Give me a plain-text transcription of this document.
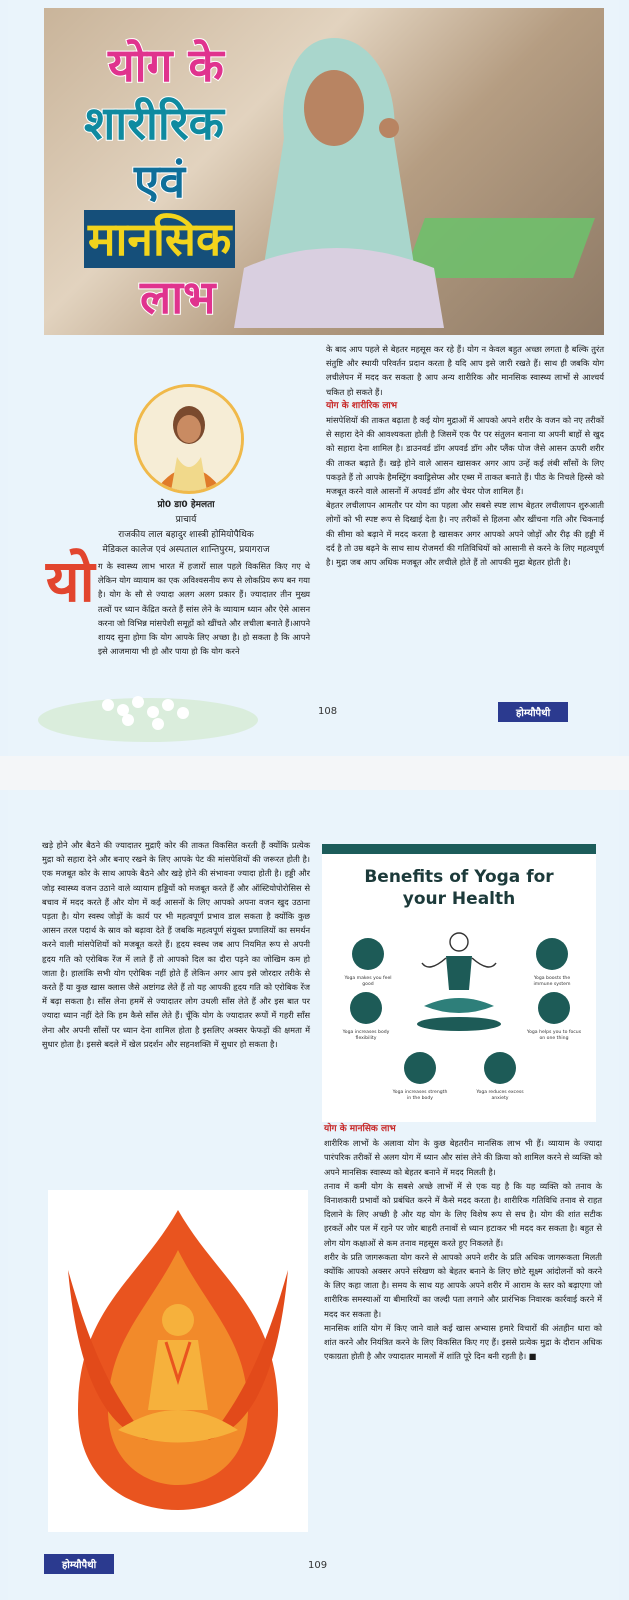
योग के
शारीरिक
एवं
मानसिक
लाभ
प्रो0 डा0 हेमलता
प्राचार्य
राजकीय लाल बहादुर शास्त्री होमियोपैथिक
मेडिकल कालेज एवं अस्पताल शान्तिपुरम, प्रयागराज
यो ग के स्वास्थ्य लाभ भारत में हजारों साल पहले विकसित किए गए थे लेकिन योग व्यायाम का एक अविश्वसनीय रूप से लोकप्रिय रूप बन गया है। योग के सौ से ज्यादा अलग अलग प्रकार हैं। ज्यादातर तीन मुख्य तत्वों पर ध्यान केंद्रित करते हैं सांस लेने के व्यायाम ध्यान और ऐसे आसन करना जो विभिन्न मांसपेशी समूहों को खींचते और लचीला बनाते हैं।आपने शायद सुना होगा कि योग आपके लिए अच्छा है। हो सकता है कि आपने इसे आजमाया भी हो और पाया हो कि योग करने

के बाद आप पहले से बेहतर महसूस कर रहे हैं। योग न केवल बहुत अच्छा लगता है बल्कि तुरंत संतुष्टि और स्थायी परिवर्तन प्रदान करता है यदि आप इसे जारी रखते हैं। साथ ही जबकि योग लचीलेपन में मदद कर सकता है आप अन्य शारीरिक और मानसिक स्वास्थ्य लाभों से आश्चर्य चकित हो सकते हैं।

योग के शारीरिक लाभ

मांसपेशियों की ताकत बढ़ाता है कई योग मुद्राओं में आपको अपने शरीर के वजन को नए तरीकों से सहारा देने की आवश्यकता होती है जिसमें एक पैर पर संतुलन बनाना या अपनी बाहों से खुद को सहारा देना शामिल है। डाउनवर्ड डॉग अपवर्ड डॉग और प्लैंक पोज जैसे आसन ऊपरी शरीर की ताकत बढ़ाते हैं। खड़े होने वाले आसन खासकर अगर आप उन्हें कई लंबी साँसों के लिए पकड़ते हैं तो आपके हैमस्ट्रिंग क्वाड्रिसेप्स और एब्स में ताकत बनाते हैं। पीठ के निचले हिस्से को मजबूत करने वाले आसनों में अपवर्ड डॉग और चेयर पोज शामिल हैं।

बेहतर लचीलापन आमतौर पर योग का पहला और सबसे स्पष्ट लाभ बेहतर लचीलापन शुरुआती लोगों को भी स्पष्ट रूप से दिखाई देता है। नए तरीकों से हिलना और खींचना गति और चिकनाई की सीमा को बढ़ाने में मदद करता है खासकर अगर आपको अपने जोड़ों और रीढ़ की हड्डी में दर्द है तो उम्र बढ़ने के साथ साथ रोजमर्रा की गतिविधियों को आसानी से करने के लिए महत्वपूर्ण है। मुद्रा जब आप अधिक मजबूत और लचीले होते हैं तो आपकी मुद्रा बेहतर होती है।

108	होम्यौपैथी

खड़े होने और बैठने की ज्यादातर मुद्राएँ कोर की ताकत विकसित करती हैं क्योंकि प्रत्येक मुद्रा को सहारा देने और बनाए रखने के लिए आपके पेट की मांसपेशियों की जरूरत होती है। एक मजबूत कोर के साथ आपके बैठने और खड़े होने की संभावना ज्यादा होती है। हड्डी और जोड़ स्वास्थ्य वजन उठाने वाले व्यायाम हड्डियों को मजबूत करते हैं और ऑस्टियोपोरोसिस से बचाव में मदद करते हैं और योग में कई आसनों के लिए आपको अपना वजन खुद उठाना पड़ता है। योग स्वस्थ जोड़ों के कार्य पर भी महत्वपूर्ण प्रभाव डाल सकता है क्योंकि कुछ आसन तरल पदार्थ के स्राव को बढ़ावा देते हैं जबकि महत्वपूर्ण संयुक्त प्रणालियों का समर्थन करने वाली मांसपेशियों को मजबूत करते हैं। हृदय स्वस्थ जब आप नियमित रूप से अपनी हृदय गति को एरोबिक रेंज में लाते हैं तो आपको दिल का दौरा पड़ने का जोखिम कम हो जाता है। हालांकि सभी योग एरोबिक नहीं होते हैं लेकिन अगर आप इसे जोरदार तरीके से करते हैं या कुछ खास क्लास जैसे अष्टांगढ लेते हैं तो यह आपकी हृदय गति को एरोबिक रेंज में बढ़ा सकता है। साँस लेना हममें से ज्यादातर लोग उथली साँस लेते हैं और इस बात पर ज्यादा ध्यान नहीं देते कि हम कैसे साँस लेते हैं। चूँकि योग के ज्यादातर रूपों में गहरी साँस लेना और अपनी साँसों पर ध्यान देना शामिल होता है इसलिए अक्सर फेफड़ों की क्षमता में सुधार होता है। इससे बदले में खेल प्रदर्शन और सहनशक्ति में सुधार हो सकता है।

Benefits of Yoga for
your Health
Yoga makes you feel good
Yoga boosts the immune system
Yoga increases body flexibility
Yoga helps you to focus on one thing
Yoga increases strength in the body
Yoga reduces excess anxiety

योग के मानसिक लाभ

शारीरिक लाभों के अलावा योग के कुछ बेहतरीन मानसिक लाभ भी हैं। व्यायाम के ज्यादा पारंपरिक तरीकों से अलग योग में ध्यान और सांस लेने की क्रिया को शामिल करने से व्यक्ति को अपने मानसिक स्वास्थ्य को बेहतर बनाने में मदद मिलती है।

तनाव में कमी योग के सबसे अच्छे लाभों में से एक यह है कि यह व्यक्ति को तनाव के विनाशकारी प्रभावों को प्रबंधित करने में कैसे मदद करता है। शारीरिक गतिविधि तनाव से राहत दिलाने के लिए अच्छी है और यह योग के लिए विशेष रूप से सच है। योग की शांत सटीक हरकतें और पल में रहने पर जोर बाहरी तनावों से ध्यान हटाकर भी मदद कर सकता है। बहुत से लोग योग कक्षाओं से कम तनाव महसूस करते हुए निकलते हैं।

शरीर के प्रति जागरूकता योग करने से आपको अपने शरीर के प्रति अधिक जागरूकता मिलती क्योंकि आपको अक्सर अपने संरेखण को बेहतर बनाने के लिए छोटे सूक्ष्म आंदोलनों को करने के लिए कहा जाता है। समय के साथ यह आपके अपने शरीर में आराम के स्तर को बढ़ाएगा जो शारीरिक समस्याओं या बीमारियों का जल्दी पता लगाने और प्रारंभिक निवारक कार्रवाई करने में मदद कर सकता है।

मानसिक शांति योग में किए जाने वाले कई खास अभ्यास हमारे विचारों की अंतहीन धारा को शांत करने और नियंत्रित करने के लिए विकसित किए गए हैं। इससे प्रत्येक मुद्रा के दौरान अधिक एकाग्रता होती है और ज्यादातर मामलों में शांति पूरे दिन बनी रहती है। ■

होम्यौपैथी	109
